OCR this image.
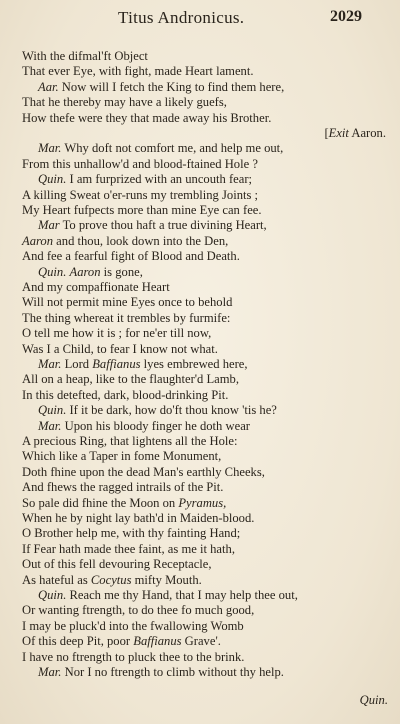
Titus Andronicus.	2029
With the difmal'ft Object
That ever Eye, with fight, made Heart lament.
Aar. Now will I fetch the King to find them here,
That he thereby may have a likely guefs,
How thefe were they that made away his Brother.
[Exit Aaron.
Mar. Why doft not comfort me, and help me out,
From this unhallow'd and blood-ftained Hole ?
Quin. I am furprized with an uncouth fear;
A killing Sweat o'er-runs my trembling Joints ;
My Heart fufpects more than mine Eye can fee.
Mar To prove thou haft a true divining Heart,
Aaron and thou, look down into the Den,
And fee a fearful fight of Blood and Death.
Quin. Aaron is gone,
And my compaffionate Heart
Will not permit mine Eyes once to behold
The thing whereat it trembles by furmife:
O tell me how it is ; for ne'er till now,
Was I a Child, to fear I know not what.
Mar. Lord Baffianus lyes embrewed here,
All on a heap, like to the flaughter'd Lamb,
In this detefted, dark, blood-drinking Pit.
Quin. If it be dark, how do'ft thou know 'tis he?
Mar. Upon his bloody finger he doth wear
A precious Ring, that lightens all the Hole:
Which like a Taper in fome Monument,
Doth fhine upon the dead Man's earthly Cheeks,
And fhews the ragged intrails of the Pit.
So pale did fhine the Moon on Pyramus,
When he by night lay bath'd in Maiden-blood.
O Brother help me, with thy fainting Hand;
If Fear hath made thee faint, as me it hath,
Out of this fell devouring Receptacle,
As hateful as Cocytus mifty Mouth.
Quin. Reach me thy Hand, that I may help thee out,
Or wanting ftrength, to do thee fo much good,
I may be pluck'd into the fwallowing Womb
Of this deep Pit, poor Baffianus Grave'.
I have no ftrength to pluck thee to the brink.
Mar. Nor I no ftrength to climb without thy help.
Quin.
